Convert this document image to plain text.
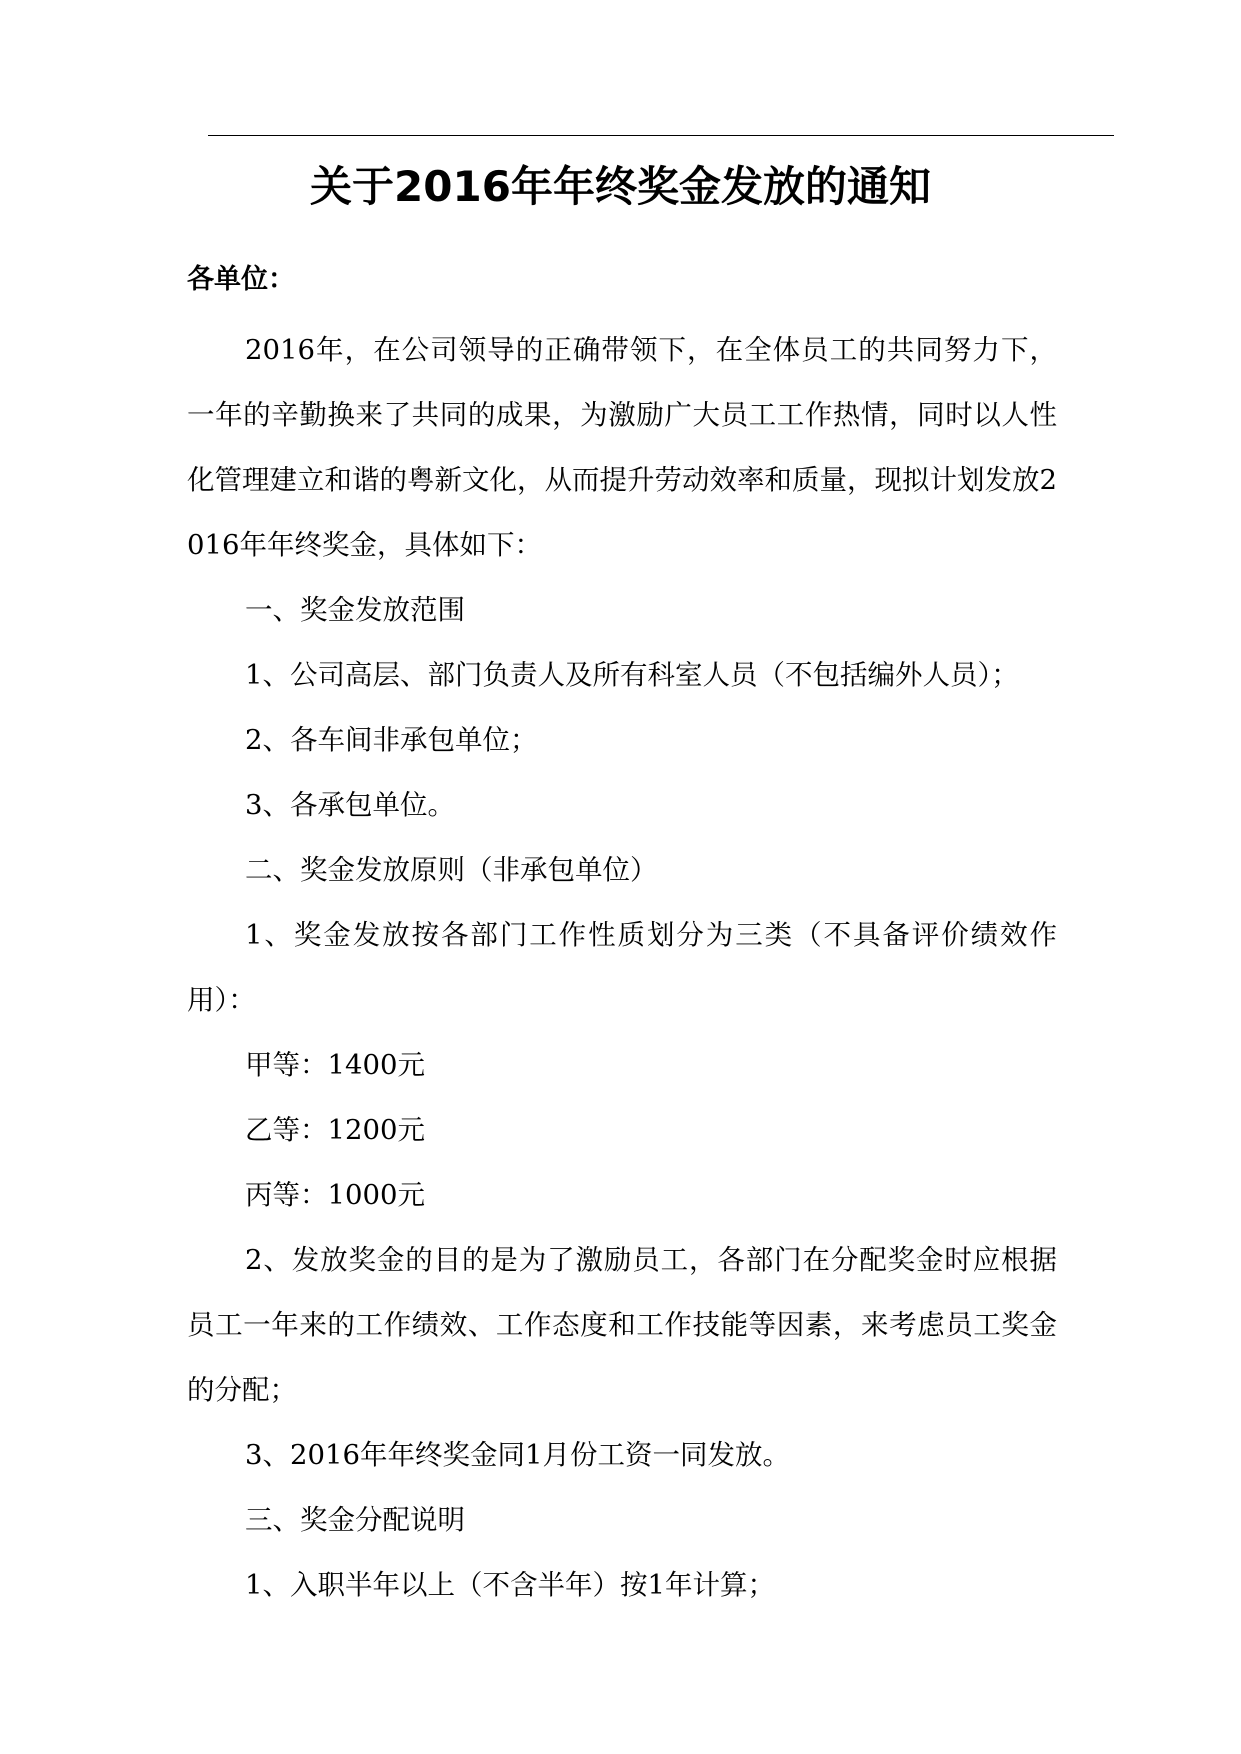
关于2016年年终奖金发放的通知
各单位：

2016年，在公司领导的正确带领下，在全体员工的共同努力下，一年的辛勤换来了共同的成果，为激励广大员工工作热情，同时以人性化管理建立和谐的粤新文化，从而提升劳动效率和质量，现拟计划发放2016年年终奖金，具体如下：

一、奖金发放范围

1、公司高层、部门负责人及所有科室人员（不包括编外人员）；

2、各车间非承包单位；

3、各承包单位。

二、奖金发放原则（非承包单位）

1、奖金发放按各部门工作性质划分为三类（不具备评价绩效作用）：

甲等：1400元

乙等：1200元

丙等：1000元

2、发放奖金的目的是为了激励员工，各部门在分配奖金时应根据员工一年来的工作绩效、工作态度和工作技能等因素，来考虑员工奖金的分配；

3、2016年年终奖金同1月份工资一同发放。

三、奖金分配说明

1、入职半年以上（不含半年）按1年计算；
